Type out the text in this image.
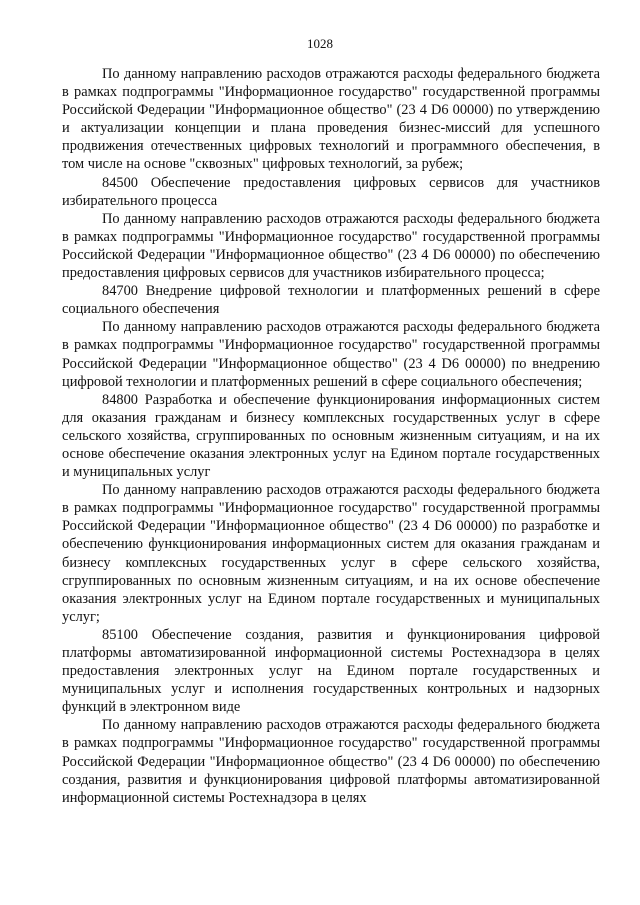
1028

По данному направлению расходов отражаются расходы федерального бюджета в рамках подпрограммы "Информационное государство" государственной программы Российской Федерации "Информационное общество" (23 4 D6 00000) по утверждению и актуализации концепции и плана проведения бизнес-миссий для успешного продвижения отечественных цифровых технологий и программного обеспечения, в том числе на основе "сквозных" цифровых технологий, за рубеж;

84500 Обеспечение предоставления цифровых сервисов для участников избирательного процесса

По данному направлению расходов отражаются расходы федерального бюджета в рамках подпрограммы "Информационное государство" государственной программы Российской Федерации "Информационное общество" (23 4 D6 00000) по обеспечению предоставления цифровых сервисов для участников избирательного процесса;

84700 Внедрение цифровой технологии и платформенных решений в сфере социального обеспечения

По данному направлению расходов отражаются расходы федерального бюджета в рамках подпрограммы "Информационное государство" государственной программы Российской Федерации "Информационное общество" (23 4 D6 00000) по внедрению цифровой технологии и платформенных решений в сфере социального обеспечения;

84800 Разработка и обеспечение функционирования информационных систем для оказания гражданам и бизнесу комплексных государственных услуг в сфере сельского хозяйства, сгруппированных по основным жизненным ситуациям, и на их основе обеспечение оказания электронных услуг на Едином портале государственных и муниципальных услуг

По данному направлению расходов отражаются расходы федерального бюджета в рамках подпрограммы "Информационное государство" государственной программы Российской Федерации "Информационное общество" (23 4 D6 00000) по разработке и обеспечению функционирования информационных систем для оказания гражданам и бизнесу комплексных государственных услуг в сфере сельского хозяйства, сгруппированных по основным жизненным ситуациям, и на их основе обеспечение оказания электронных услуг на Едином портале государственных и муниципальных услуг;

85100 Обеспечение создания, развития и функционирования цифровой платформы автоматизированной информационной системы Ростехнадзора в целях предоставления электронных услуг на Едином портале государственных и муниципальных услуг и исполнения государственных контрольных и надзорных функций в электронном виде

По данному направлению расходов отражаются расходы федерального бюджета в рамках подпрограммы "Информационное государство" государственной программы Российской Федерации "Информационное общество" (23 4 D6 00000) по обеспечению создания, развития и функционирования цифровой платформы автоматизированной информационной системы Ростехнадзора в целях
